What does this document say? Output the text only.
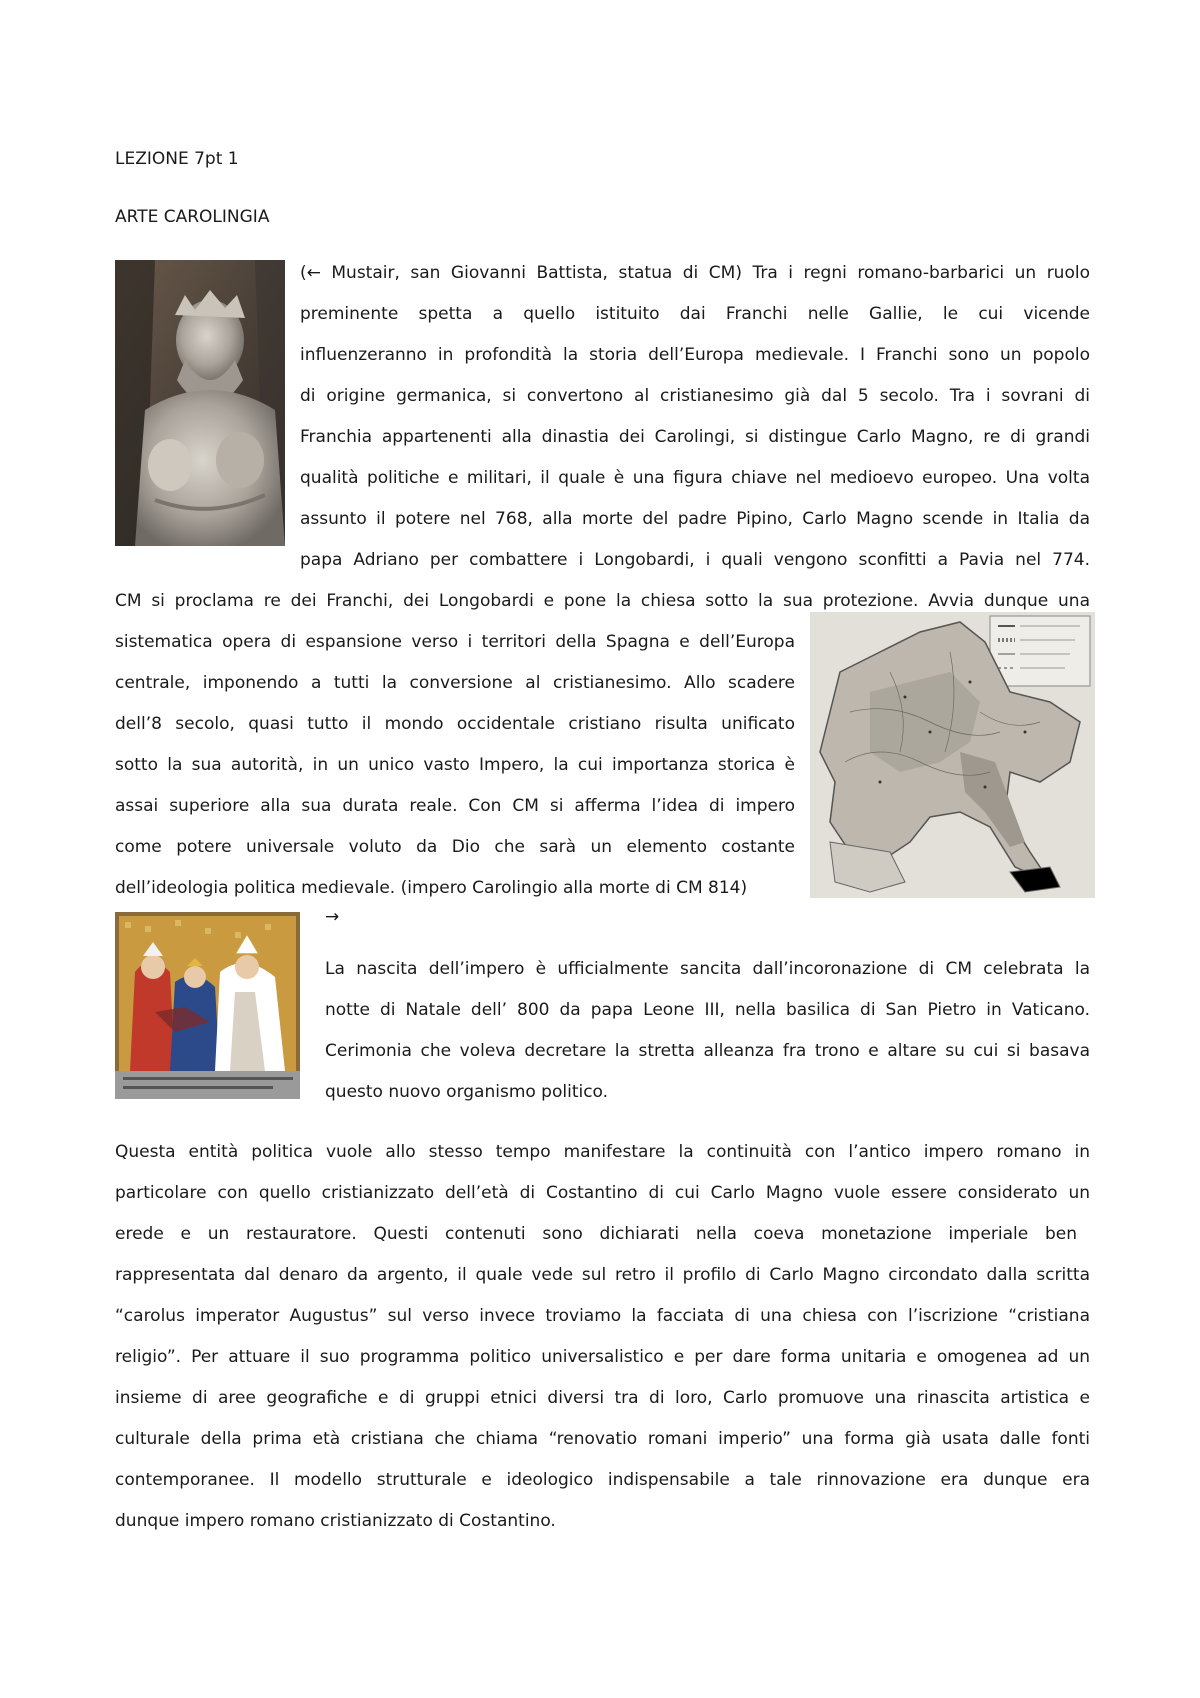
LEZIONE 7pt 1
ARTE CAROLINGIA
(← Mustair, san Giovanni Battista, statua di CM) Tra i regni romano-barbarici un ruolo
preminente spetta a quello istituito dai Franchi nelle Gallie, le cui vicende
influenzeranno in profondità la storia dell’Europa medievale. I Franchi sono un popolo
di origine germanica, si convertono al cristianesimo già dal 5 secolo. Tra i sovrani di
Franchia appartenenti alla dinastia dei Carolingi, si distingue Carlo Magno, re di grandi
qualità politiche e militari, il quale è una figura chiave nel medioevo europeo. Una volta
assunto il potere nel 768, alla morte del padre Pipino, Carlo Magno scende in Italia da
papa Adriano per combattere i Longobardi, i quali vengono sconfitti a Pavia nel 774.
CM si proclama re dei Franchi, dei Longobardi e pone la chiesa sotto la sua protezione. Avvia dunque una
sistematica opera di espansione verso i territori della Spagna e dell’Europa
centrale, imponendo a tutti la conversione al cristianesimo. Allo scadere
dell’8 secolo, quasi tutto il mondo occidentale cristiano risulta unificato
sotto la sua autorità, in un unico vasto Impero, la cui importanza storica è
assai superiore alla sua durata reale. Con CM si afferma l’idea di impero
come potere universale voluto da Dio che sarà un elemento costante
dell’ideologia politica medievale. (impero Carolingio alla morte di CM 814)
→
La nascita dell’impero è ufficialmente sancita dall’incoronazione di CM celebrata la
notte di Natale dell’ 800 da papa Leone III, nella basilica di San Pietro in Vaticano.
Cerimonia che voleva decretare la stretta alleanza fra trono e altare su cui si basava
questo nuovo organismo politico.
Questa entità politica vuole allo stesso tempo manifestare la continuità con l’antico impero romano in
particolare con quello cristianizzato dell’età di Costantino di cui Carlo Magno vuole essere considerato un
erede e un restauratore. Questi contenuti sono dichiarati nella coeva monetazione imperiale ben
rappresentata dal denaro da argento, il quale vede sul retro il profilo di Carlo Magno circondato dalla scritta
“carolus imperator Augustus” sul verso invece troviamo la facciata di una chiesa con l’iscrizione “cristiana
religio”. Per attuare il suo programma politico universalistico e per dare forma unitaria e omogenea ad un
insieme di aree geografiche e di gruppi etnici diversi tra di loro, Carlo promuove una rinascita artistica e
culturale della prima età cristiana che chiama “renovatio romani imperio” una forma già usata dalle fonti
contemporanee. Il modello strutturale e ideologico indispensabile a tale rinnovazione era dunque era
dunque impero romano cristianizzato di Costantino.
